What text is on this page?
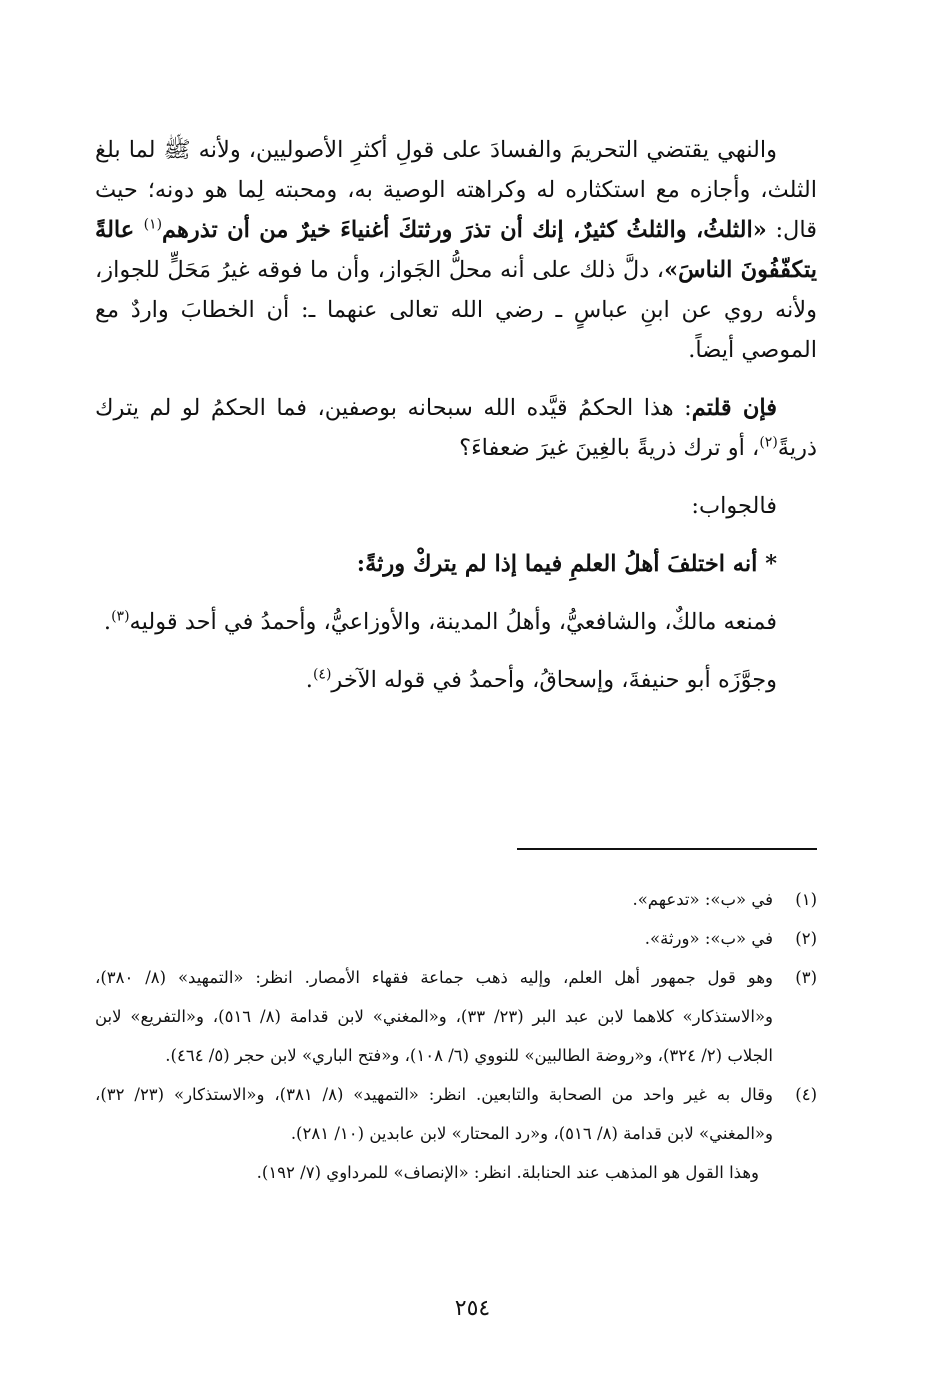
والنهي يقتضي التحريمَ والفسادَ على قولِ أكثرِ الأصوليين، ولأنه ﷺ لما بلغ الثلث، وأجازه مع استكثاره له وكراهته الوصية به، ومحبته لِما هو دونه؛ حيث قال: «الثلثُ، والثلثُ كثيرٌ، إنك أن تذرَ ورثتكَ أغنياءَ خيرٌ من أن تذرهم$^{(١)}$ عالةً يتكفّفُونَ الناسَ»، دلَّ ذلك على أنه محلُّ الجَواز، وأن ما فوقه غيرُ مَحَلٍّ للجواز، ولأنه روي عن ابنِ عباسٍ ـ رضي الله تعالى عنهما ـ: أن الخطابَ واردٌ مع الموصي أيضاً.

فإن قلتم: هذا الحكمُ قيَّده الله سبحانه بوصفين، فما الحكمُ لو لم يترك ذريةً$^{(٢)}$، أو ترك ذريةً بالغِينَ غيرَ ضعفاءَ؟

فالجواب:

* أنه اختلفَ أهلُ العلمِ فيما إذا لم يتركْ ورثةً:

فمنعه مالكٌ، والشافعيُّ، وأهلُ المدينة، والأوزاعيُّ، وأحمدُ في أحد قوليه$^{(٣)}$.

وجوَّزَه أبو حنيفةَ، وإسحاقُ، وأحمدُ في قوله الآخر$^{(٤)}$.

(١)
في «ب»: «تدعهم».
(٢)
في «ب»: «ورثة».
(٣)
وهو قول جمهور أهل العلم، وإليه ذهب جماعة فقهاء الأمصار. انظر: «التمهيد» (٨/ ٣٨٠)، و«الاستذكار» كلاهما لابن عبد البر (٢٣/ ٣٣)، و«المغني» لابن قدامة (٨/ ٥١٦)، و«التفريع» لابن الجلاب (٢/ ٣٢٤)، و«روضة الطالبين» للنووي (٦/ ١٠٨)، و«فتح الباري» لابن حجر (٥/ ٤٦٤).
(٤)
وقال به غير واحد من الصحابة والتابعين. انظر: «التمهيد» (٨/ ٣٨١)، و«الاستذكار» (٢٣/ ٣٢)، و«المغني» لابن قدامة (٨/ ٥١٦)، و«رد المحتار» لابن عابدين (١٠/ ٢٨١).
وهذا القول هو المذهب عند الحنابلة. انظر: «الإنصاف» للمرداوي (٧/ ١٩٢).
٢٥٤
